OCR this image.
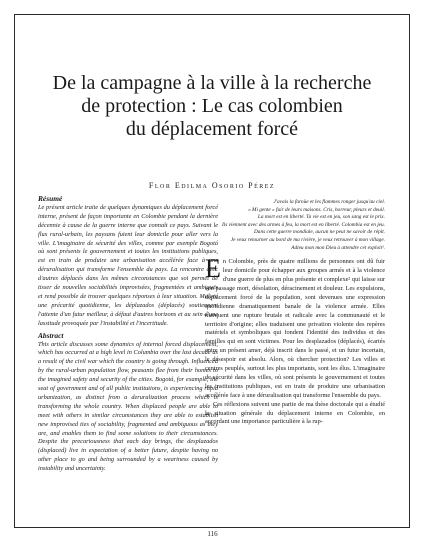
De la campagne à la ville à la recherche
de protection : Le cas colombien
du déplacement forcé
Flor Edilma Osorio Pérez

Résumé

Le présent article traite de quelques dynamiques du déplacement forcé interne, présent de façon importante en Colombie pendant la dernière décennie à cause de la guerre interne que connaît ce pays. Suivant le flux rural-urbain, les paysans fuient leur domicile pour aller vers la ville. L'imaginaire de sécurité des villes, comme par exemple Bogotá où sont présents le gouvernement et toutes les institutions publiques, est en train de produire une urbanisation accélérée face à une déruralisation qui transforme l'ensemble du pays. La rencontre avec d'autres déplacés dans les mêmes circonstances que soi permet de tisser de nouvelles sociabilités improvisées, fragmentées et ambiguës et rend possible de trouver quelques réponses à leur situation. Malgré une précarité quotidienne, les déplazados (déplacés) soutiennent l'attente d'un futur meilleur, à défaut d'autres horizons et au sein d'une lassitude provoquée par l'instabilité et l'incertitude.

Abstract

This article discusses some dynamics of internal forced displacement, which has occurred at a high level in Columbia over the last decade as a result of the civil war which the country is going through. Influenced by the rural-urban population flow, peasants flee from their homes to the imagined safety and security of the cities. Bogotá, for example, the seat of government and of all public institutions, is experiencing rapid urbanization, as distinct from a deruralization process which is transforming the whole country. When displaced people are able to meet with others in similar circumstances they are able to establish new improvised ties of sociability, fragmented and ambiguous as they are, and enables them to find some solutions to their circumstances. Despite the precariousness that each day brings, the desplazados (displaced) live in expectation of a better future, despite having no other place to go and being surrounded by a weariness caused by instability and uncertainty.

J'avais la faroüe et les flammes ronger jusqu'au ciel.
« Mi gente » fuir de leurs maisons. Cris, horreur, pleurs et deuil.
La mort est en liberté. Ta vie est en jeu, son sang est le prix.
Ils viennent avec des armes à feu, la mort est en liberté. Colombia est en jeu.
Dans cette guerre mondiale, aucun ne peut ne savoir de répit.
Je veux retourner au bord de ma rivière, je veux retrouver à mon village.
Adieu mon mon Dieu à attendre cet exploit¹.

En Colombie, près de quatre millions de personnes ont dû fuir leur domicile pour échapper aux groupes armés et à la violence d'une guerre de plus en plus présente et complexe² qui laisse sur son passage mort, désolation, déracinement et douleur. Les expulsions, déplacement forcé de la population, sont devenues une expression quotidienne dramatiquement banale de la violence armée. Elles marquent une rupture brutale et radicale avec la communauté et le territoire d'origine; elles traduisent une privation violente des repères matériels et symboliques qui fondent l'identité des individus et des familles qui en sont victimes. Pour les desplazados (déplacés), écartés entre un présent amer, déjà inscrit dans le passé, et un futur incertain, le désespoir est absolu. Alors, où chercher protection? Les villes et centres peuplés, surtout les plus importants, sont les élus. L'imaginaire de sécurité dans les villes, où sont présents le gouvernement et toutes les institutions publiques, est en train de produire une urbanisation accélérée face à une déruralisation qui transforme l'ensemble du pays.

Ces réflexions suivent une partie de ma thèse doctorale qui a étudié la situation générale du déplacement interne en Colombie, en accordant une importance particulière à la rup-

116
